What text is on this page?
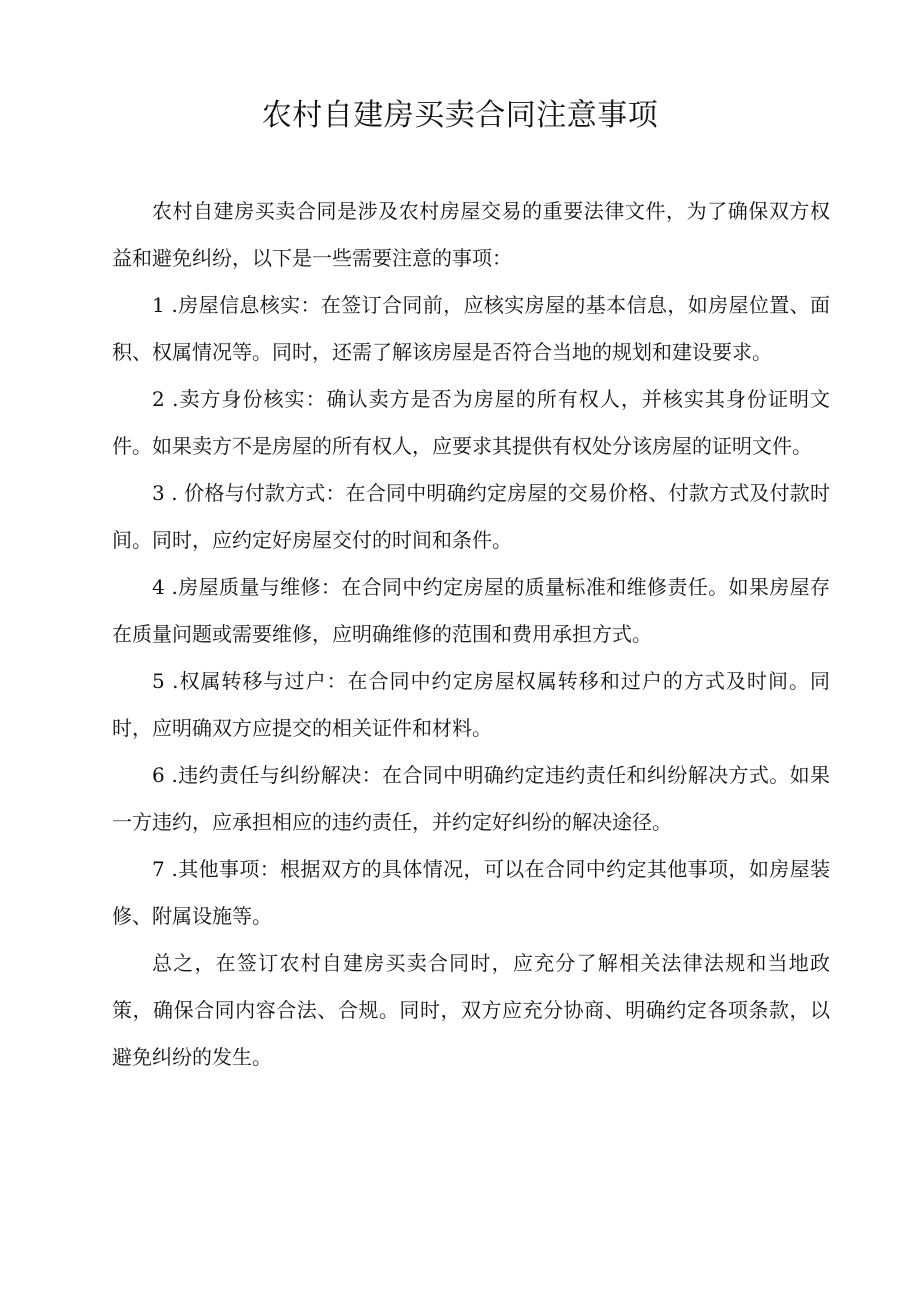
农村自建房买卖合同注意事项

农村自建房买卖合同是涉及农村房屋交易的重要法律文件，为了确保双方权益和避免纠纷，以下是一些需要注意的事项：

1 .房屋信息核实：在签订合同前，应核实房屋的基本信息，如房屋位置、面积、权属情况等。同时，还需了解该房屋是否符合当地的规划和建设要求。

2 .卖方身份核实：确认卖方是否为房屋的所有权人，并核实其身份证明文件。如果卖方不是房屋的所有权人，应要求其提供有权处分该房屋的证明文件。

3 . 价格与付款方式：在合同中明确约定房屋的交易价格、付款方式及付款时间。同时，应约定好房屋交付的时间和条件。

4 .房屋质量与维修：在合同中约定房屋的质量标准和维修责任。如果房屋存在质量问题或需要维修，应明确维修的范围和费用承担方式。

5 .权属转移与过户：在合同中约定房屋权属转移和过户的方式及时间。同时，应明确双方应提交的相关证件和材料。

6 .违约责任与纠纷解决：在合同中明确约定违约责任和纠纷解决方式。如果一方违约，应承担相应的违约责任，并约定好纠纷的解决途径。

7 .其他事项：根据双方的具体情况，可以在合同中约定其他事项，如房屋装修、附属设施等。

总之，在签订农村自建房买卖合同时，应充分了解相关法律法规和当地政策，确保合同内容合法、合规。同时，双方应充分协商、明确约定各项条款，以避免纠纷的发生。
